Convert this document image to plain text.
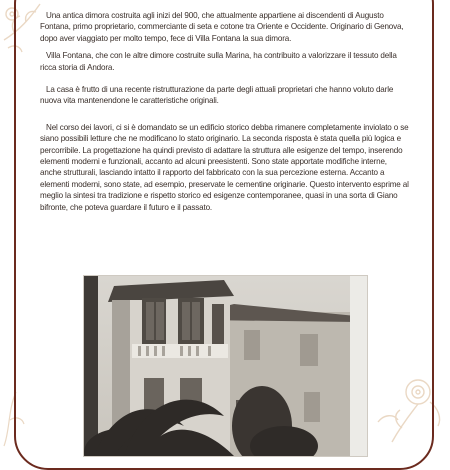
Una antica dimora costruita agli inizi del 900, che attualmente appartiene ai discendenti di Augusto Fontana, primo proprietario, commerciante di seta e cotone tra Oriente e Occidente. Originario di Genova, dopo aver viaggiato per molto tempo, fece di Villa Fontana la sua dimora.

Villa Fontana, che con le altre dimore costruite sulla Marina, ha contribuito a valorizzare il tessuto della ricca storia di Andora.

La casa è frutto di una recente ristrutturazione da parte degli attuali proprietari che hanno voluto darle nuova vita mantenendone le caratteristiche originali.

Nel corso dei lavori, ci si è domandato se un edificio storico debba rimanere completamente inviolato o se siano possibili letture che ne modificano lo stato originario. La seconda risposta è stata quella più logica e percorribile. La progettazione ha quindi previsto di adattare la struttura alle esigenze del tempo, inserendo elementi moderni e funzionali, accanto ad alcuni preesistenti. Sono state apportate modifiche interne, anche strutturali, lasciando intatto il rapporto del fabbricato con la sua percezione esterna. Accanto a elementi moderni, sono state, ad esempio, preservate le cementine originarie. Questo intervento esprime al meglio la sintesi tra tradizione e rispetto storico ed esigenze contemporanee, quasi in una sorta di Giano bifronte, che poteva guardare il futuro e il passato.
